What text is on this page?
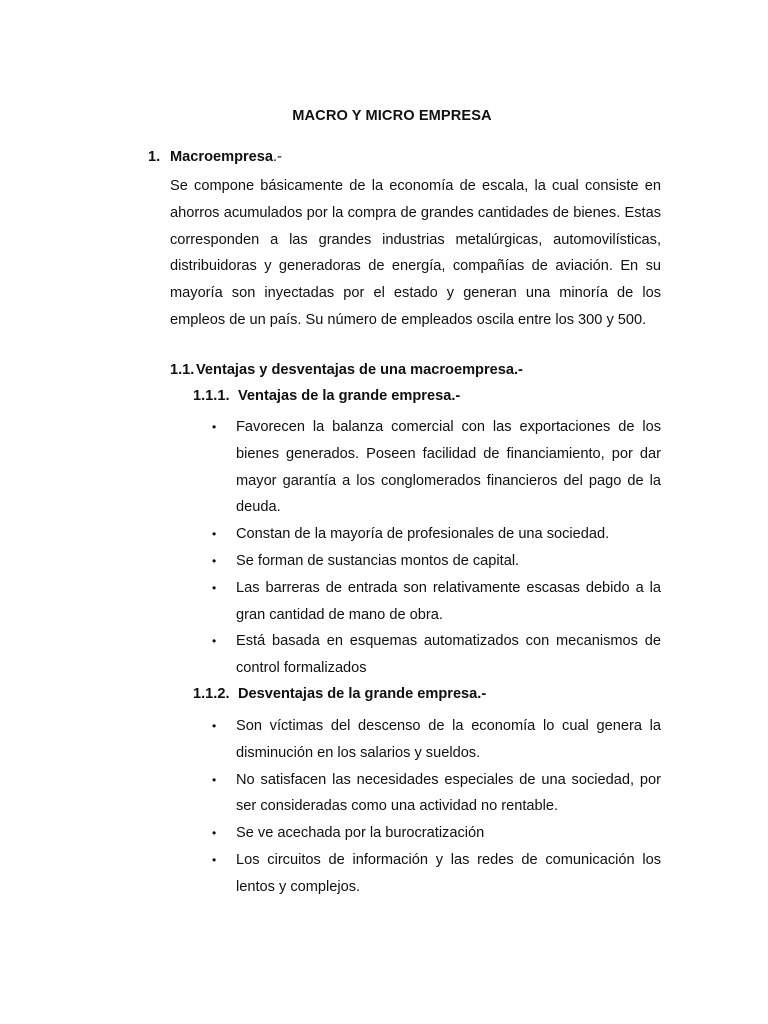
MACRO Y MICRO EMPRESA
1. Macroempresa.-
Se compone básicamente de la economía de escala, la cual consiste en ahorros acumulados por la compra de grandes cantidades de bienes. Estas corresponden a las grandes industrias metalúrgicas, automovilísticas, distribuidoras y generadoras de energía, compañías de aviación. En su mayoría son inyectadas por el estado y generan una minoría de los empleos de un país. Su número de empleados oscila entre los 300 y 500.
1.1. Ventajas y desventajas de una macroempresa.-
1.1.1. Ventajas de la grande empresa.-
•	Favorecen la balanza comercial con las exportaciones de los bienes generados. Poseen facilidad de financiamiento, por dar mayor garantía a los conglomerados financieros del pago de la deuda.
•	Constan de la mayoría de profesionales de una sociedad.
•	Se forman de sustancias montos de capital.
•	Las barreras de entrada son relativamente escasas debido a la gran cantidad de mano de obra.
•	Está basada en esquemas automatizados con mecanismos de control formalizados
1.1.2. Desventajas de la grande empresa.-
•	Son víctimas del descenso de la economía lo cual genera la disminución en los salarios y sueldos.
•	No satisfacen las necesidades especiales de una sociedad, por ser consideradas como una actividad no rentable.
•	Se ve acechada por la burocratización
•	Los circuitos de información y las redes de comunicación los lentos y complejos.
